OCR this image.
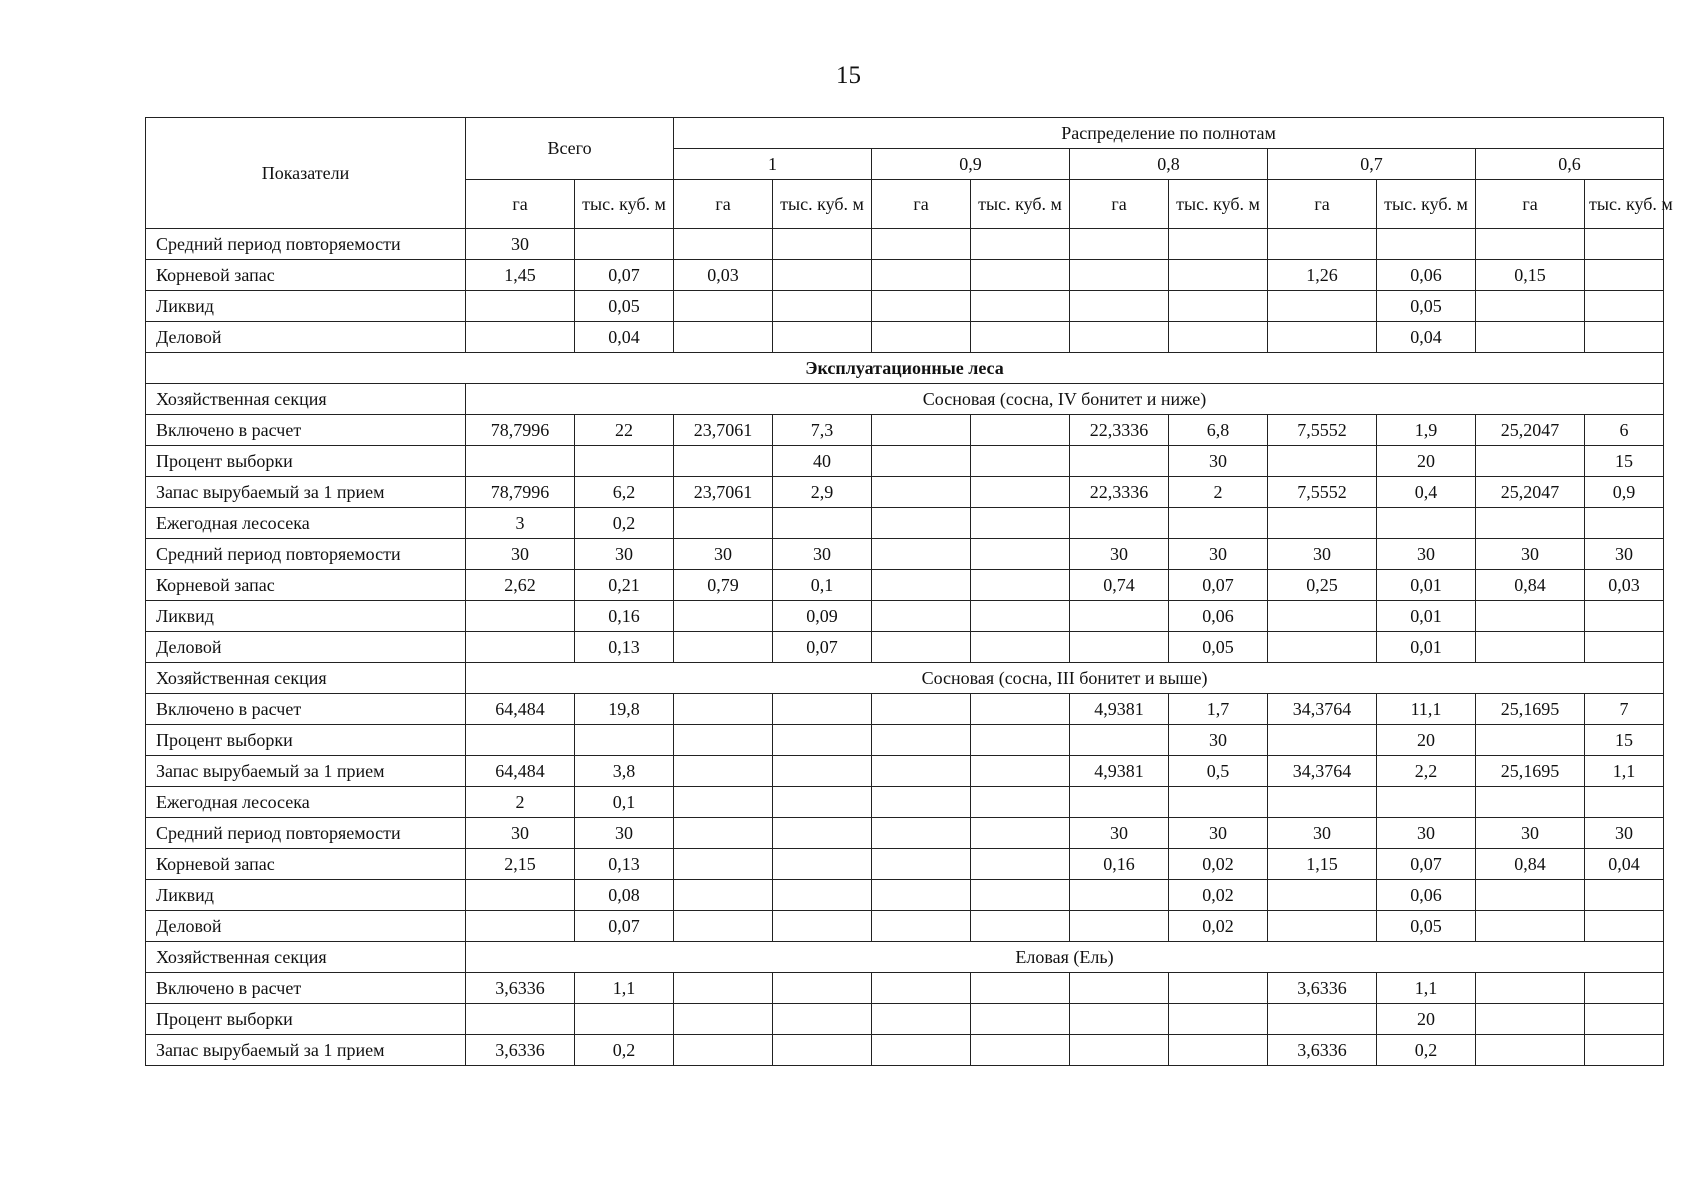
15
Показатели	Всего		Распределение по полнотам									
			1		0,9		0,8		0,7		0,6	
	га	тыс. куб. м	га	тыс. куб. м	га	тыс. куб. м	га	тыс. куб. м	га	тыс. куб. м	га	тыс. куб. м
Средний период повторяемости	30											
Корневой запас	1,45	0,07	0,03						1,26	0,06	0,15	
Ликвид		0,05								0,05		
Деловой		0,04								0,04		
Эксплуатационные леса												
Хозяйственная секция	Сосновая (сосна, IV бонитет и ниже)											
Включено в расчет	78,7996	22	23,7061	7,3			22,3336	6,8	7,5552	1,9	25,2047	6
Процент выборки				40				30		20		15
Запас вырубаемый за 1 прием	78,7996	6,2	23,7061	2,9			22,3336	2	7,5552	0,4	25,2047	0,9
Ежегодная лесосека	3	0,2										
Средний период повторяемости	30	30	30	30			30	30	30	30	30	30
Корневой запас	2,62	0,21	0,79	0,1			0,74	0,07	0,25	0,01	0,84	0,03
Ликвид		0,16		0,09				0,06		0,01		
Деловой		0,13		0,07				0,05		0,01		
Хозяйственная секция	Сосновая (сосна, III бонитет и выше)											
Включено в расчет	64,484	19,8					4,9381	1,7	34,3764	11,1	25,1695	7
Процент выборки								30		20		15
Запас вырубаемый за 1 прием	64,484	3,8					4,9381	0,5	34,3764	2,2	25,1695	1,1
Ежегодная лесосека	2	0,1										
Средний период повторяемости	30	30					30	30	30	30	30	30
Корневой запас	2,15	0,13					0,16	0,02	1,15	0,07	0,84	0,04
Ликвид		0,08						0,02		0,06		
Деловой		0,07						0,02		0,05		
Хозяйственная секция	Еловая (Ель)											
Включено в расчет	3,6336	1,1							3,6336	1,1		
Процент выборки										20		
Запас вырубаемый за 1 прием	3,6336	0,2							3,6336	0,2		
